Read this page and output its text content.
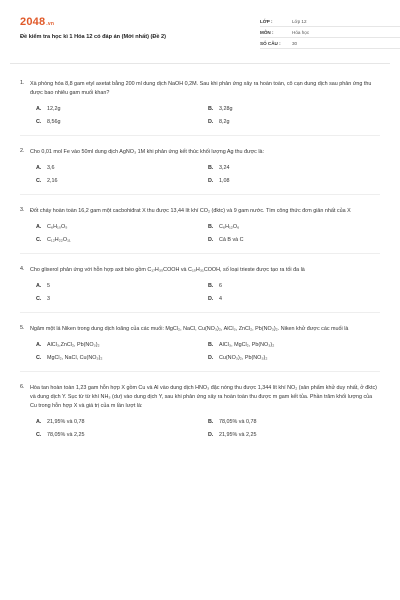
2048.vn
Đề kiểm tra học kì 1 Hóa 12 có đáp án (Mới nhất) (Đề 2)
LỚP :	Lớp 12
MÔN :	Hóa học
SỐ CÂU :	30
1. Xà phòng hóa 8,8 gam etyl axetat bằng 200 ml dung dịch NaOH 0,2M. Sau khi phản ứng xảy ra hoàn toàn, cô cạn dung dịch sau phản ứng thu được bao nhiêu gam muối khan?
A.	12,2g	B.	3,28g
C.	8,56g	D.	8,2g
2. Cho 0,01 mol Fe vào 50ml dung dịch AgNO₃ 1M khi phản ứng kết thúc khối lượng Ag thu được là:
A.	3,6	B.	3,24
C.	2,16	D.	1,08
3. Đốt cháy hoàn toàn 16,2 gam một cacbohiđrat X thu được 13,44 lít khí CO₂ (đktc) và 9 gam nước. Tìm công thức đơn giản nhất của X
A.	C₆H₁₀O₅	B.	C₆H₁₂O₆
C.	C₁₂H₂₂O₁₁	D.	Cả B và C
4. Cho glixerol phản ứng với hỗn hợp axit béo gồm C₁₇H₃₅COOH và C₁₅H₃₁COOH, số loại trieste được tạo ra tối đa là
A.	5	B.	6
C.	3	D.	4
5. Ngâm một lá Niken trong dung dịch loãng của các muối: MgCl₂, NaCl, Cu(NO₃)₂, AlCl₃, ZnCl₂, Pb(NO₃)₂. Niken khử được các muối là
A.	AlCl₃,ZnCl₂, Pb(NO₃)₂	B.	AlCl₃, MgCl₂, Pb(NO₃)₂
C.	MgCl₂, NaCl, Cu(NO₃)₂	D.	Cu(NO₃)₂, Pb(NO₃)₂
6. Hòa tan hoàn toàn 1,23 gam hỗn hợp X gồm Cu và Al vào dung dịch HNO₃ đặc nóng thu được 1,344 lít khí NO₂ (sản phẩm khử duy nhất, ở đktc) và dung dịch Y. Sục từ từ khí NH₃ (dư) vào dung dịch Y, sau khi phản ứng xảy ra hoàn toàn thu được m gam kết tủa. Phần trăm khối lượng của Cu trong hỗn hợp X và giá trị của m lần lượt là:
A.	21,95% và 0,78	B.	78,05% và 0,78
C.	78,05% và 2,25	D.	21,95% và 2,25
